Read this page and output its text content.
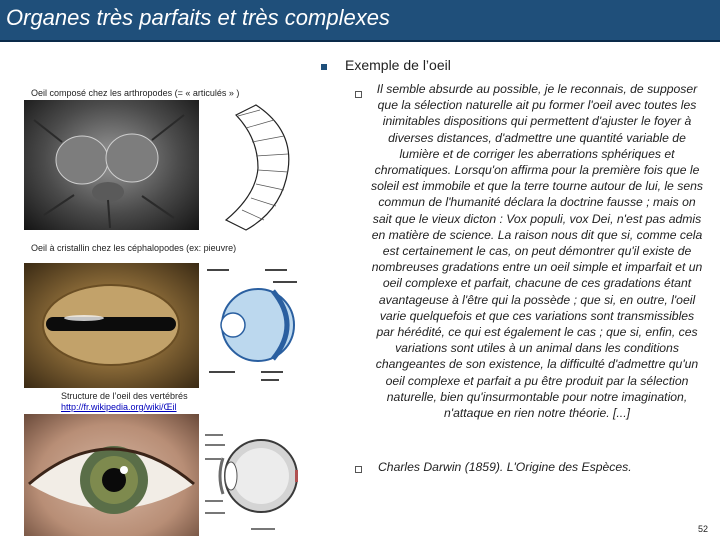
Organes très parfaits et très complexes
Oeil composé chez les arthropodes (= « articulés » )
Oeil à cristallin chez les céphalopodes (ex: pieuvre)
Structure de l’oeil des vertébrés
http://fr.wikipedia.org/wiki/Œil
Exemple de l’oeil
Il semble absurde au possible, je le reconnais, de supposer que la sélection naturelle ait pu former l'oeil avec toutes les inimitables dispositions qui permettent d'ajuster le foyer à diverses distances, d'admettre une quantité variable de lumière et de corriger les aberrations sphériques et chromatiques. Lorsqu'on affirma pour la première fois que le soleil est immobile et que la terre tourne autour de lui, le sens commun de l'humanité déclara la doctrine fausse ; mais on sait que le vieux dicton : Vox populi, vox Dei, n'est pas admis en matière de science. La raison nous dit que si, comme cela est certainement le cas, on peut démontrer qu'il existe de nombreuses gradations entre un oeil simple et imparfait et un oeil complexe et parfait, chacune de ces gradations étant avantageuse à l'être qui la possède ; que si, en outre, l'oeil varie quelquefois et que ces variations sont transmissibles par hérédité, ce qui est également le cas ; que si, enfin, ces variations sont utiles à un animal dans les conditions changeantes de son existence, la difficulté d'admettre qu'un oeil complexe et parfait a pu être produit par la sélection naturelle, bien qu'insurmontable pour notre imagination, n'attaque en rien notre théorie. [...]
Charles Darwin (1859). L'Origine des Espèces.
52
